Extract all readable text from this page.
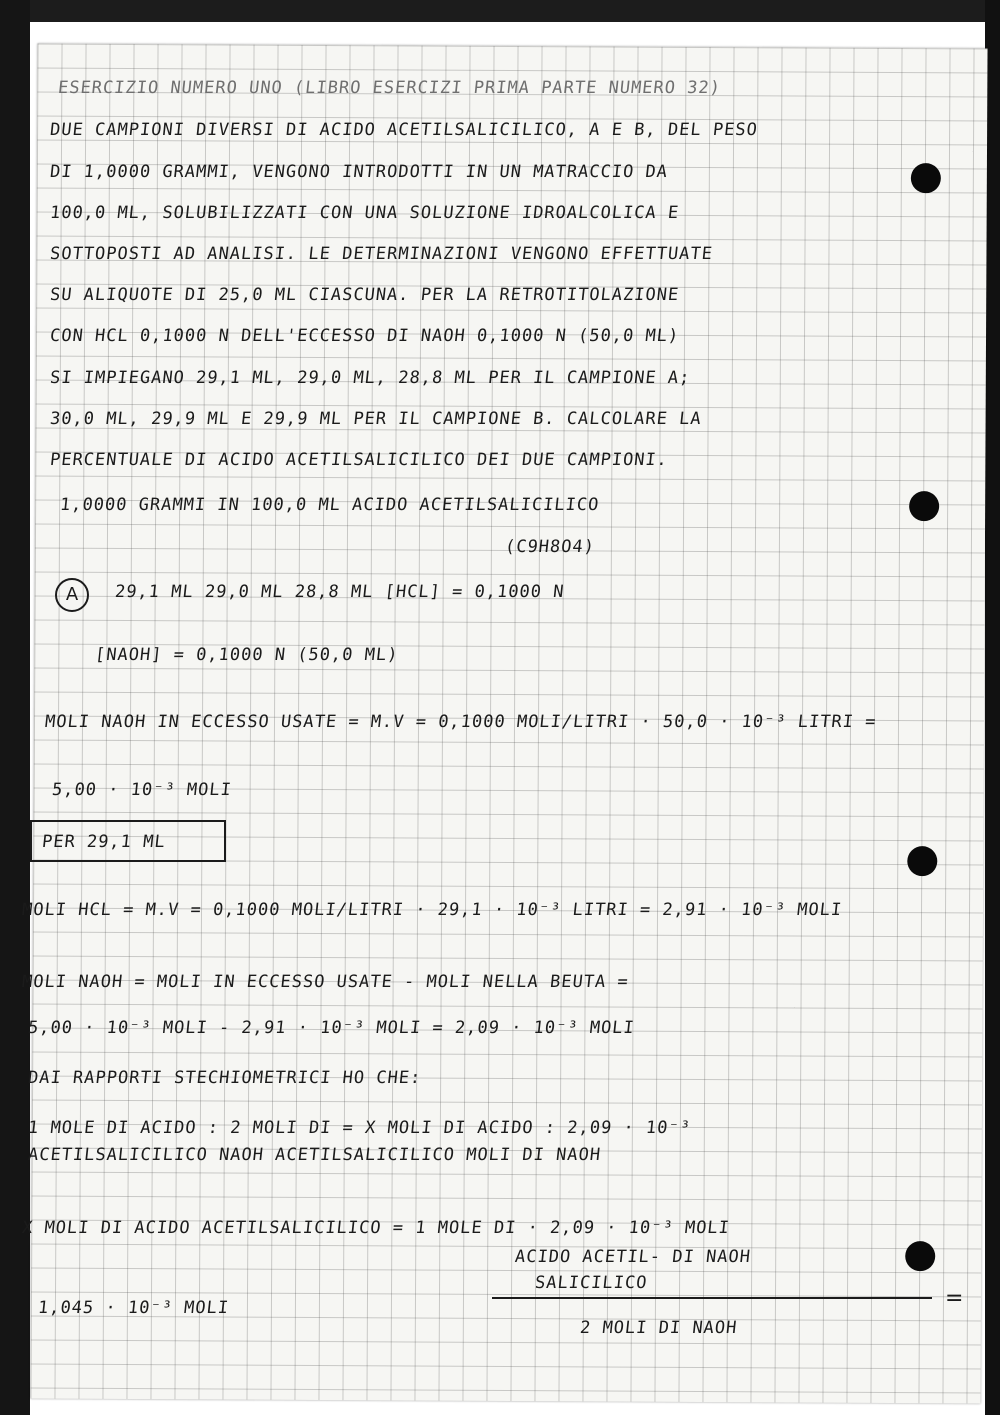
ESERCIZIO NUMERO UNO (LIBRO ESERCIZI PRIMA PARTE NUMERO 32)

DUE CAMPIONI DIVERSI DI ACIDO ACETILSALICILICO, A E B, DEL PESO

DI 1,0000 GRAMMI, VENGONO INTRODOTTI IN UN MATRACCIO DA

100,0 ML, SOLUBILIZZATI CON UNA SOLUZIONE IDROALCOLICA E

SOTTOPOSTI AD ANALISI. LE DETERMINAZIONI VENGONO EFFETTUATE

SU ALIQUOTE DI 25,0 ML CIASCUNA. PER LA RETROTITOLAZIONE

CON HCL 0,1000 N DELL'ECCESSO DI NAOH 0,1000 N (50,0 ML)

SI IMPIEGANO 29,1 ML, 29,0 ML, 28,8 ML PER IL CAMPIONE A;

30,0 ML, 29,9 ML E 29,9 ML PER IL CAMPIONE B. CALCOLARE LA

PERCENTUALE DI ACIDO ACETILSALICILICO DEI DUE CAMPIONI.

1,0000 GRAMMI IN 100,0 ML ACIDO ACETILSALICILICO

(C9H8O4)

A	29,1 ML 29,0 ML 28,8 ML [HCL] = 0,1000 N

[NAOH] = 0,1000 N (50,0 ML)

MOLI NAOH IN ECCESSO USATE = M.V = 0,1000 MOLI/LITRI · 50,0 · 10⁻³ LITRI =

5,00 · 10⁻³ MOLI

PER 29,1 ML

MOLI HCL = M.V = 0,1000 MOLI/LITRI · 29,1 · 10⁻³ LITRI = 2,91 · 10⁻³ MOLI

MOLI NAOH = MOLI IN ECCESSO USATE - MOLI NELLA BEUTA =

5,00 · 10⁻³ MOLI - 2,91 · 10⁻³ MOLI = 2,09 · 10⁻³ MOLI

DAI RAPPORTI STECHIOMETRICI HO CHE:

1 MOLE DI ACIDO : 2 MOLI DI = X MOLI DI ACIDO : 2,09 · 10⁻³

ACETILSALICILICO NAOH ACETILSALICILICO MOLI DI NAOH

X MOLI DI ACIDO ACETILSALICILICO = 1 MOLE DI · 2,09 · 10⁻³ MOLI

ACIDO ACETIL- DI NAOH

SALICILICO

1,045 · 10⁻³ MOLI	=

2 MOLI DI NAOH
